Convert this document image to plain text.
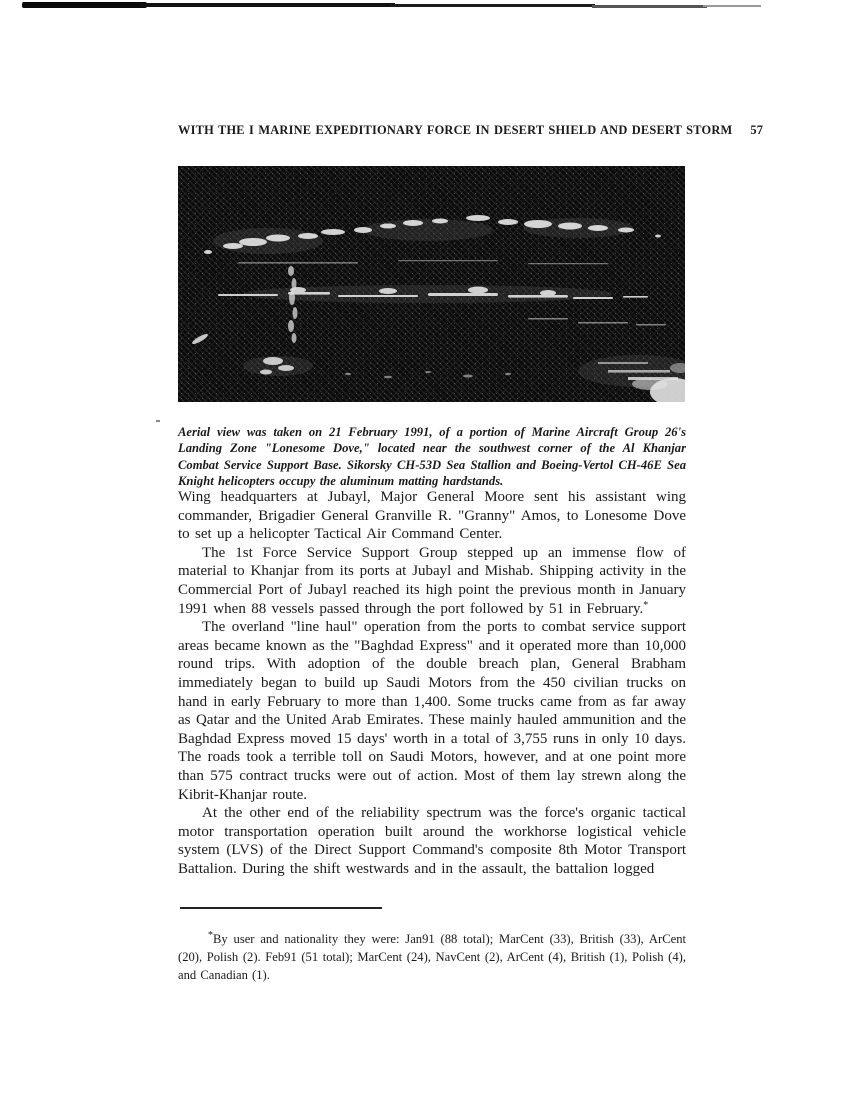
WITH THE I MARINE EXPEDITIONARY FORCE IN DESERT SHIELD AND DESERT STORM 57

Aerial view was taken on 21 February 1991, of a portion of Marine Aircraft Group 26's Landing Zone "Lonesome Dove," located near the southwest corner of the Al Khanjar Combat Service Support Base. Sikorsky CH-53D Sea Stallion and Boeing-Vertol CH-46E Sea Knight helicopters occupy the aluminum matting hardstands.

Wing headquarters at Jubayl, Major General Moore sent his assistant wing commander, Brigadier General Granville R. "Granny" Amos, to Lonesome Dove to set up a helicopter Tactical Air Command Center.

The 1st Force Service Support Group stepped up an immense flow of material to Khanjar from its ports at Jubayl and Mishab. Shipping activity in the Commercial Port of Jubayl reached its high point the previous month in January 1991 when 88 vessels passed through the port followed by 51 in February.*

The overland "line haul" operation from the ports to combat service support areas became known as the "Baghdad Express" and it operated more than 10,000 round trips. With adoption of the double breach plan, General Brabham immediately began to build up Saudi Motors from the 450 civilian trucks on hand in early February to more than 1,400. Some trucks came from as far away as Qatar and the United Arab Emirates. These mainly hauled ammunition and the Baghdad Express moved 15 days' worth in a total of 3,755 runs in only 10 days. The roads took a terrible toll on Saudi Motors, however, and at one point more than 575 contract trucks were out of action. Most of them lay strewn along the Kibrit-Khanjar route.

At the other end of the reliability spectrum was the force's organic tactical motor transportation operation built around the workhorse logistical vehicle system (LVS) of the Direct Support Command's composite 8th Motor Transport Battalion. During the shift westwards and in the assault, the battalion logged

*By user and nationality they were: Jan91 (88 total); MarCent (33), British (33), ArCent (20), Polish (2). Feb91 (51 total); MarCent (24), NavCent (2), ArCent (4), British (1), Polish (4), and Canadian (1).
